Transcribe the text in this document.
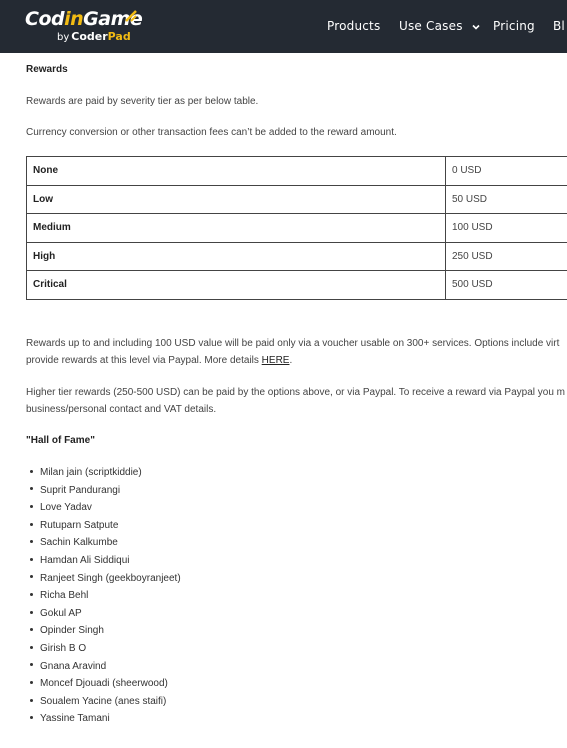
CodinGame
by CoderPad
Products Use Cases	Pricing Bl
Rewards
Rewards are paid by severity tier as per below table.
Currency conversion or other transaction fees can’t be added to the reward amount.
None	0 USD
Low	50 USD
Medium	100 USD
High	250 USD
Critical	500 USD
Rewards up to and including 100 USD value will be paid only via a voucher usable on 300+ services. Options include virt
provide rewards at this level via Paypal. More details HERE.
Higher tier rewards (250-500 USD) can be paid by the options above, or via Paypal. To receive a reward via Paypal you m
business/personal contact and VAT details.
"Hall of Fame"
Milan jain (scriptkiddie)
Suprit Pandurangi
Love Yadav
Rutuparn Satpute
Sachin Kalkumbe
Hamdan Ali Siddiqui
Ranjeet Singh (geekboyranjeet)
Richa Behl
Gokul AP
Opinder Singh
Girish B O
Gnana Aravind
Moncef Djouadi (sheerwood)
Soualem Yacine (anes staifi)
Yassine Tamani
